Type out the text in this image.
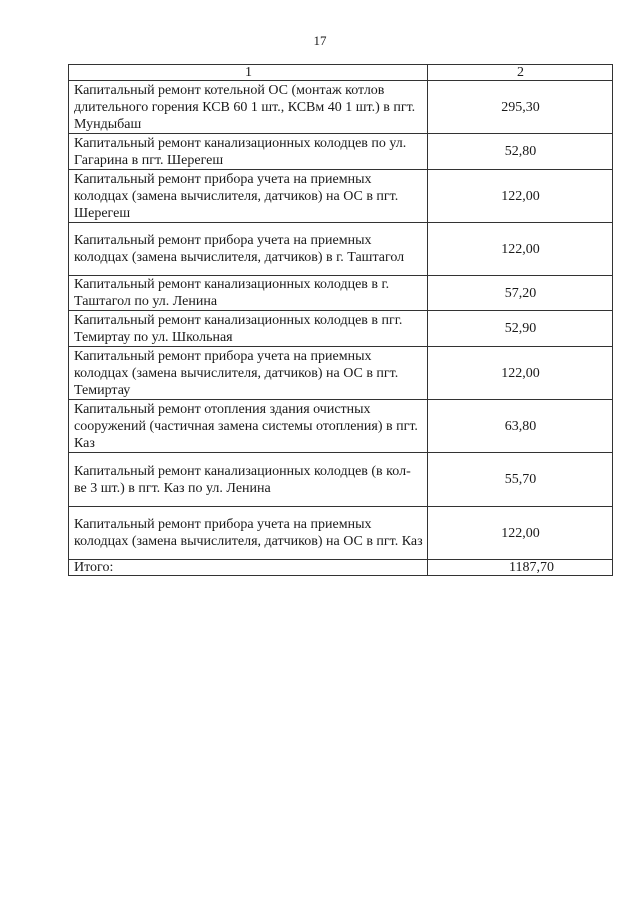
17
1	2
Капитальный ремонт котельной ОС (монтаж котлов длительного горения КСВ 60 1 шт., КСВм 40 1 шт.) в пгт. Мундыбаш	295,30
Капитальный ремонт канализационных колодцев по ул. Гагарина в пгт. Шерегеш	52,80
Капитальный ремонт прибора учета на приемных колодцах (замена вычислителя, датчиков) на ОС в пгт. Шерегеш	122,00
Капитальный ремонт прибора учета на приемных колодцах (замена вычислителя, датчиков) в г. Таштагол	122,00
Капитальный ремонт канализационных колодцев в г. Таштагол по ул. Ленина	57,20
Капитальный ремонт канализационных колодцев в пгг. Темиртау по ул. Школьная	52,90
Капитальный ремонт прибора учета на приемных колодцах (замена вычислителя, датчиков) на ОС в пгт. Темиртау	122,00
Капитальный ремонт отопления здания очистных сооружений (частичная замена системы отопления) в пгт. Каз	63,80
Капитальный ремонт канализационных колодцев (в кол-ве 3 шт.) в пгт. Каз по ул. Ленина	55,70
Капитальный ремонт прибора учета на приемных колодцах (замена вычислителя, датчиков) на ОС в пгт. Каз	122,00
Итого:	1187,70
